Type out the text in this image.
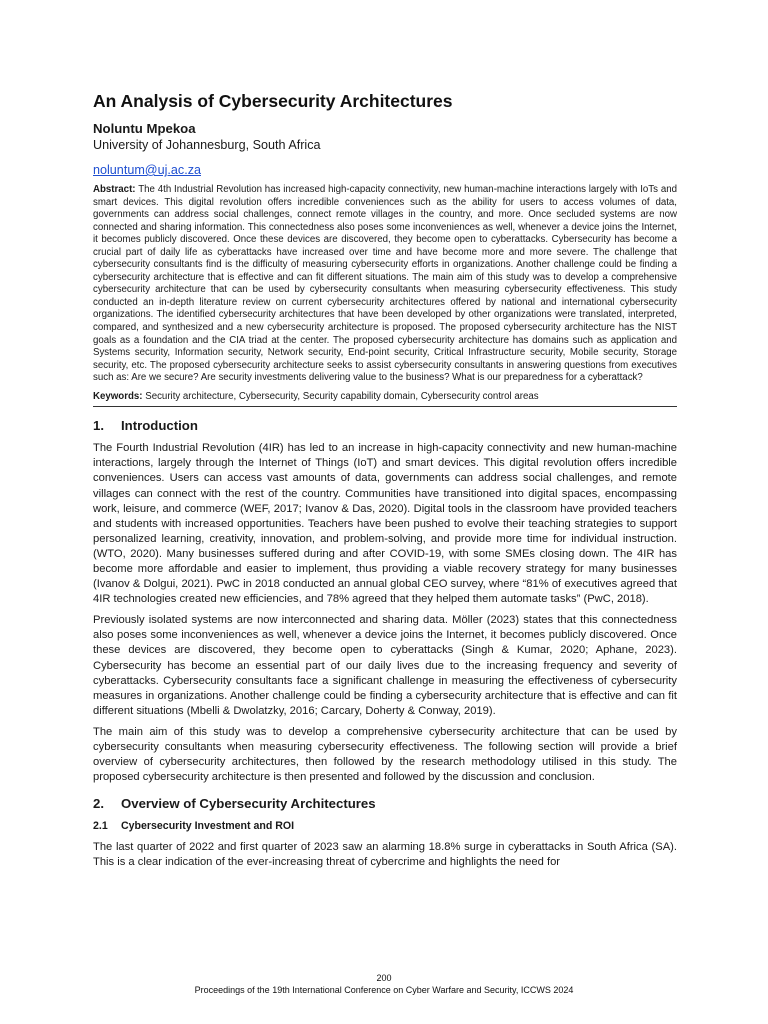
An Analysis of Cybersecurity Architectures

Noluntu Mpekoa

University of Johannesburg, South Africa

noluntum@uj.ac.za

Abstract: The 4th Industrial Revolution has increased high-capacity connectivity, new human-machine interactions largely with IoTs and smart devices. This digital revolution offers incredible conveniences such as the ability for users to access volumes of data, governments can address social challenges, connect remote villages in the country, and more. Once secluded systems are now connected and sharing information. This connectedness also poses some inconveniences as well, whenever a device joins the Internet, it becomes publicly discovered. Once these devices are discovered, they become open to cyberattacks. Cybersecurity has become a crucial part of daily life as cyberattacks have increased over time and have become more and more severe. The challenge that cybersecurity consultants find is the difficulty of measuring cybersecurity efforts in organizations. Another challenge could be finding a cybersecurity architecture that is effective and can fit different situations. The main aim of this study was to develop a comprehensive cybersecurity architecture that can be used by cybersecurity consultants when measuring cybersecurity effectiveness. This study conducted an in-depth literature review on current cybersecurity architectures offered by national and international cybersecurity organizations. The identified cybersecurity architectures that have been developed by other organizations were translated, interpreted, compared, and synthesized and a new cybersecurity architecture is proposed. The proposed cybersecurity architecture has the NIST goals as a foundation and the CIA triad at the center. The proposed cybersecurity architecture has domains such as application and Systems security, Information security, Network security, End-point security, Critical Infrastructure security, Mobile security, Storage security, etc. The proposed cybersecurity architecture seeks to assist cybersecurity consultants in answering questions from executives such as: Are we secure? Are security investments delivering value to the business? What is our preparedness for a cyberattack?

Keywords: Security architecture, Cybersecurity, Security capability domain, Cybersecurity control areas

1.	Introduction

The Fourth Industrial Revolution (4IR) has led to an increase in high-capacity connectivity and new human-machine interactions, largely through the Internet of Things (IoT) and smart devices. This digital revolution offers incredible conveniences. Users can access vast amounts of data, governments can address social challenges, and remote villages can connect with the rest of the country. Communities have transitioned into digital spaces, encompassing work, leisure, and commerce (WEF, 2017; Ivanov & Das, 2020). Digital tools in the classroom have provided teachers and students with increased opportunities. Teachers have been pushed to evolve their teaching strategies to support personalized learning, creativity, innovation, and problem-solving, and provide more time for individual instruction. (WTO, 2020). Many businesses suffered during and after COVID-19, with some SMEs closing down. The 4IR has become more affordable and easier to implement, thus providing a viable recovery strategy for many businesses (Ivanov & Dolgui, 2021). PwC in 2018 conducted an annual global CEO survey, where “81% of executives agreed that 4IR technologies created new efficiencies, and 78% agreed that they helped them automate tasks” (PwC, 2018).

Previously isolated systems are now interconnected and sharing data. Möller (2023) states that this connectedness also poses some inconveniences as well, whenever a device joins the Internet, it becomes publicly discovered. Once these devices are discovered, they become open to cyberattacks (Singh & Kumar, 2020; Aphane, 2023). Cybersecurity has become an essential part of our daily lives due to the increasing frequency and severity of cyberattacks. Cybersecurity consultants face a significant challenge in measuring the effectiveness of cybersecurity measures in organizations. Another challenge could be finding a cybersecurity architecture that is effective and can fit different situations (Mbelli & Dwolatzky, 2016; Carcary, Doherty & Conway, 2019).

The main aim of this study was to develop a comprehensive cybersecurity architecture that can be used by cybersecurity consultants when measuring cybersecurity effectiveness. The following section will provide a brief overview of cybersecurity architectures, then followed by the research methodology utilised in this study. The proposed cybersecurity architecture is then presented and followed by the discussion and conclusion.

2.	Overview of Cybersecurity Architectures
2.1	Cybersecurity Investment and ROI

The last quarter of 2022 and first quarter of 2023 saw an alarming 18.8% surge in cyberattacks in South Africa (SA). This is a clear indication of the ever-increasing threat of cybercrime and highlights the need for

200
Proceedings of the 19th International Conference on Cyber Warfare and Security, ICCWS 2024
